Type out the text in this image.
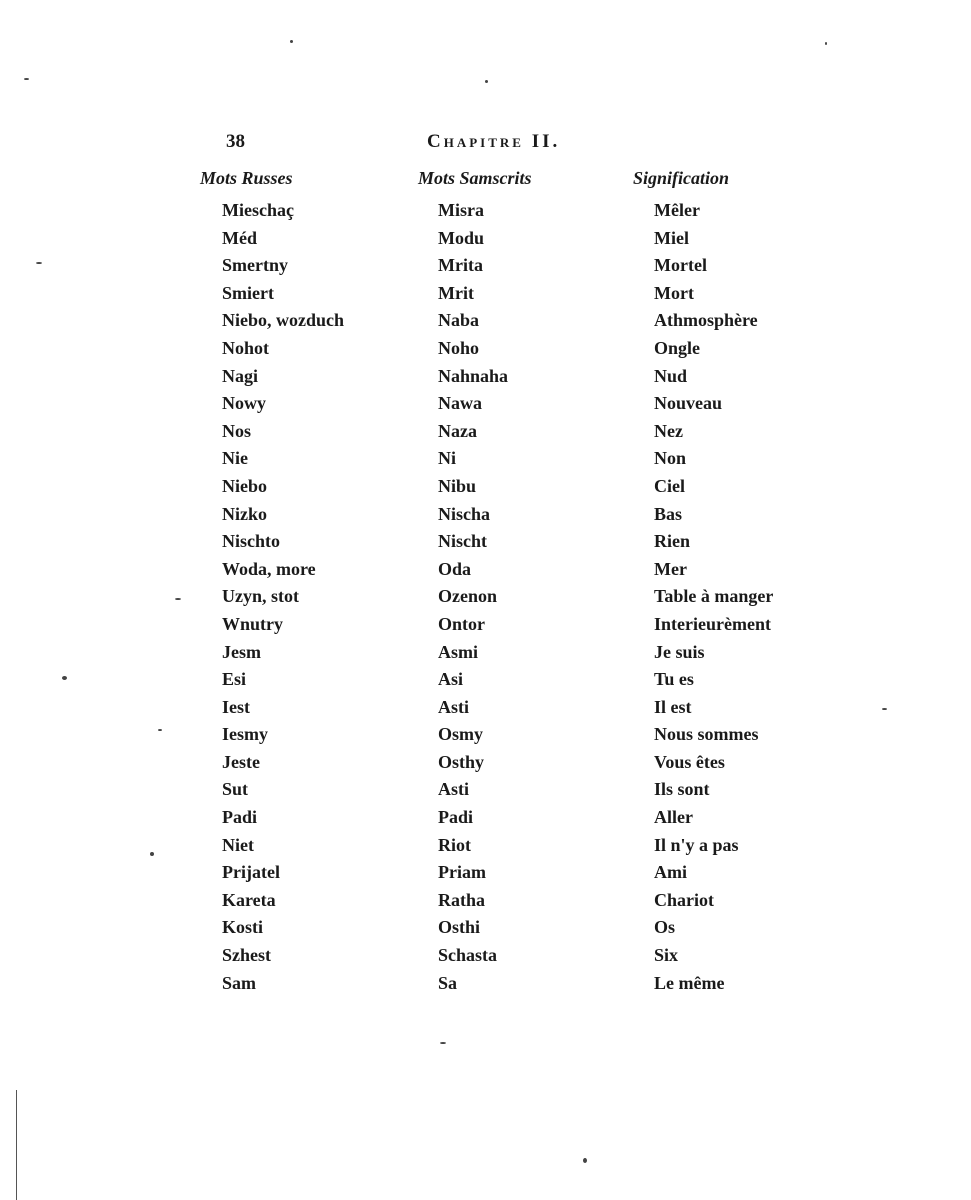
38	Chapitre II.
Mots Russes	Mots Samscrits	Signification
Mieschaç	Misra	Mêler
Méd	Modu	Miel
Smertny	Mrita	Mortel
Smiert	Mrit	Mort
Niebo, wozduch	Naba	Athmosphère
Nohot	Noho	Ongle
Nagi	Nahnaha	Nud
Nowy	Nawa	Nouveau
Nos	Naza	Nez
Nie	Ni	Non
Niebo	Nibu	Ciel
Nizko	Nischa	Bas
Nischto	Nischt	Rien
Woda, more	Oda	Mer
Uzyn, stot	Ozenon	Table à manger
Wnutry	Ontor	Interieurèment
Jesm	Asmi	Je suis
Esi	Asi	Tu es
Iest	Asti	Il est
Iesmy	Osmy	Nous sommes
Jeste	Osthy	Vous êtes
Sut	Asti	Ils sont
Padi	Padi	Aller
Niet	Riot	Il n'y a pas
Prijatel	Priam	Ami
Kareta	Ratha	Chariot
Kosti	Osthi	Os
Szhest	Schasta	Six
Sam	Sa	Le même
